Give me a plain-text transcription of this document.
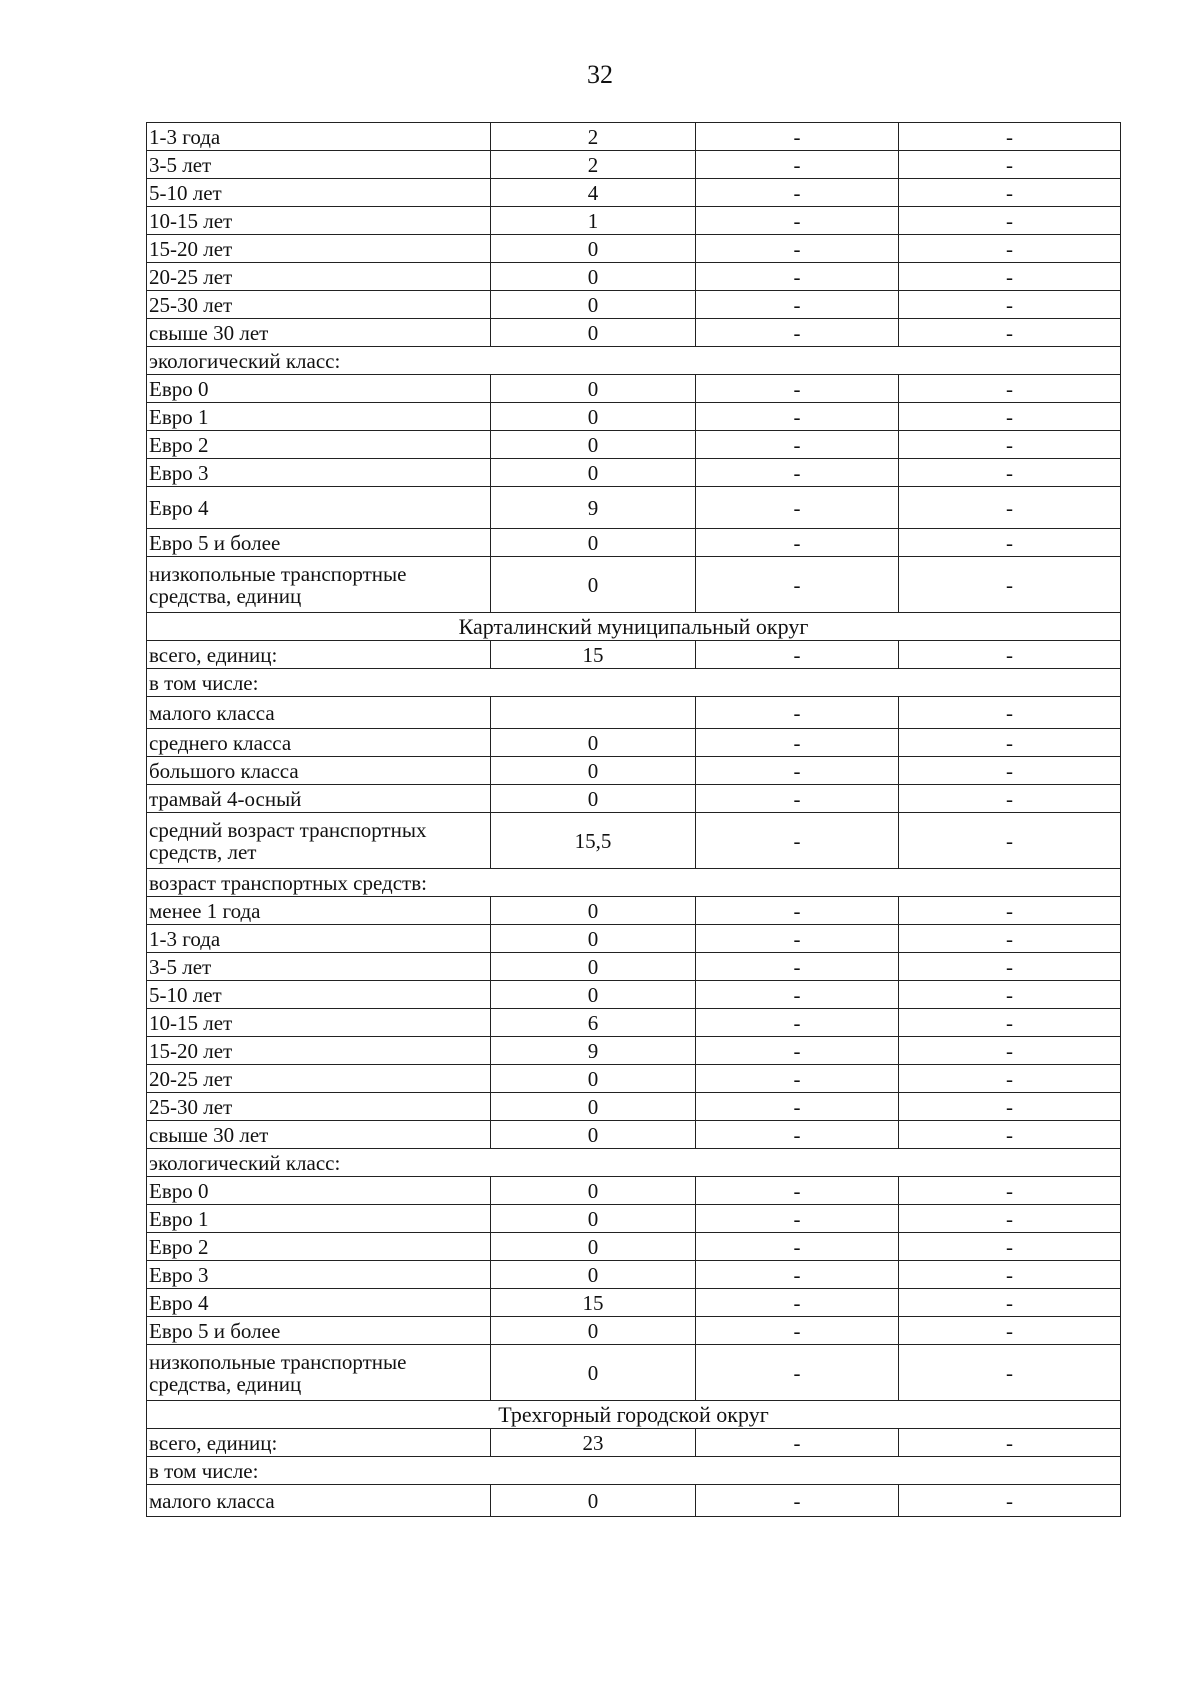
32
1-3 года	2	-	-
3-5 лет	2	-	-
5-10 лет	4	-	-
10-15 лет	1	-	-
15-20 лет	0	-	-
20-25 лет	0	-	-
25-30 лет	0	-	-
свыше 30 лет	0	-	-
экологический класс:			
Евро 0	0	-	-
Евро 1	0	-	-
Евро 2	0	-	-
Евро 3	0	-	-
Евро 4	9	-	-
Евро 5 и более	0	-	-
низкопольные транспортные средства, единиц	0	-	-
Карталинский муниципальный округ			
всего, единиц:	15	-	-
в том числе:			
малого класса		-	-
среднего класса	0	-	-
большого класса	0	-	-
трамвай 4-осный	0	-	-
средний возраст транспортных средств, лет	15,5	-	-
возраст транспортных средств:			
менее 1 года	0	-	-
1-3 года	0	-	-
3-5 лет	0	-	-
5-10 лет	0	-	-
10-15 лет	6	-	-
15-20 лет	9	-	-
20-25 лет	0	-	-
25-30 лет	0	-	-
свыше 30 лет	0	-	-
экологический класс:			
Евро 0	0	-	-
Евро 1	0	-	-
Евро 2	0	-	-
Евро 3	0	-	-
Евро 4	15	-	-
Евро 5 и более	0	-	-
низкопольные транспортные средства, единиц	0	-	-
Трехгорный городской округ			
всего, единиц:	23	-	-
в том числе:			
малого класса	0	-	-
